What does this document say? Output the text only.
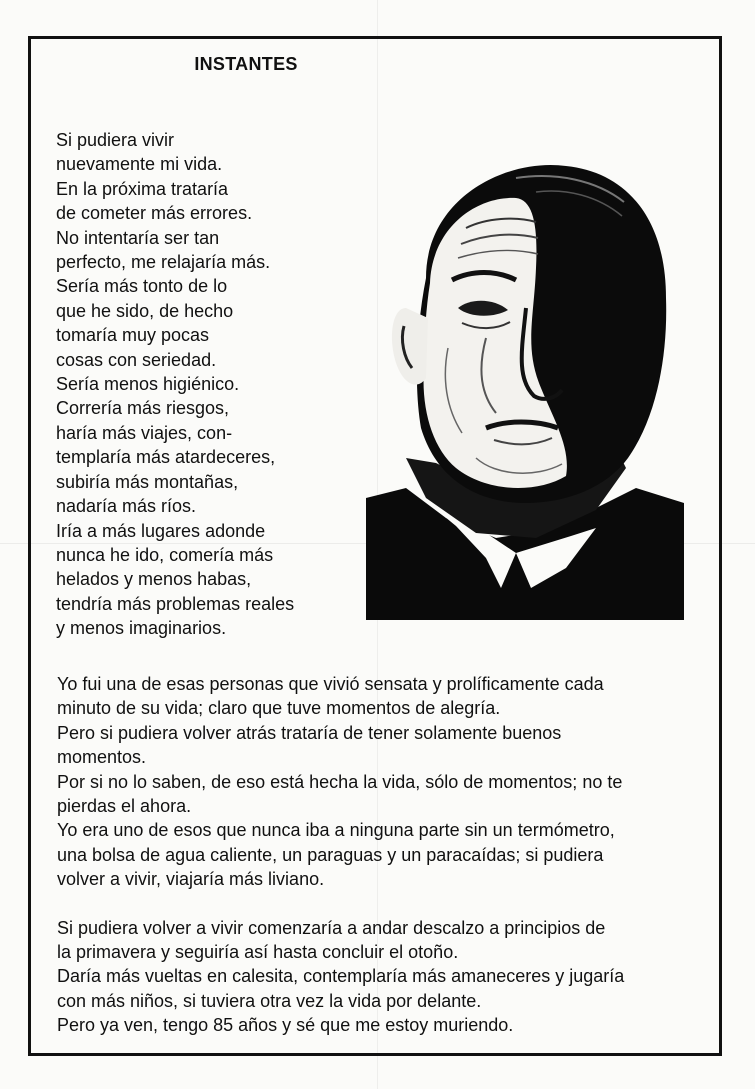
INSTANTES
Si pudiera vivir
nuevamente mi vida.
En la próxima trataría
de cometer más errores.
No intentaría ser tan
perfecto, me relajaría más.
Sería más tonto de lo
que he sido, de hecho
tomaría muy pocas
cosas con seriedad.
Sería menos higiénico.
Correría más riesgos,
haría más viajes, con-
templaría más atardeceres,
subiría más montañas,
nadaría más ríos.
Iría a más lugares adonde
nunca he ido, comería más
helados y menos habas,
tendría más problemas reales
y menos imaginarios.
Yo fui una de esas personas que vivió sensata y prolíficamente cada
minuto de su vida; claro que tuve momentos de alegría.
Pero si pudiera volver atrás trataría de tener solamente buenos
momentos.
Por si no lo saben, de eso está hecha la vida, sólo de momentos; no te
pierdas el ahora.
Yo era uno de esos que nunca iba a ninguna parte sin un termómetro,
una bolsa de agua caliente, un paraguas y un paracaídas; si pudiera
volver a vivir, viajaría más liviano.
Si pudiera volver a vivir comenzaría a andar descalzo a principios de
la primavera y seguiría así hasta concluir el otoño.
Daría más vueltas en calesita, contemplaría más amaneceres y jugaría
con más niños, si tuviera otra vez la vida por delante.
Pero ya ven, tengo 85 años y sé que me estoy muriendo.
